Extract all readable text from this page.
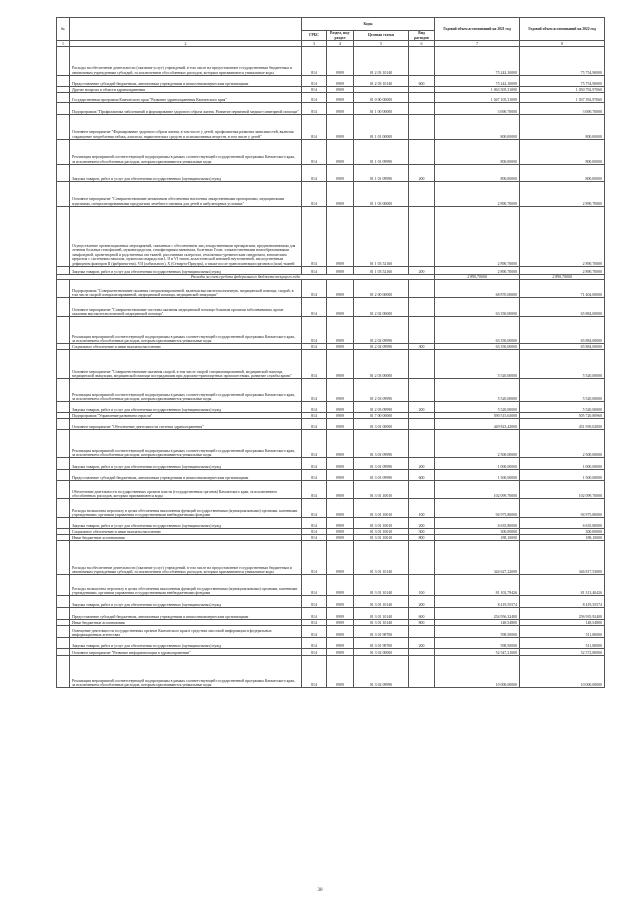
№		Коды				Годовой объем ассигнований на 2021 год	Годовой объем ассигнований на 2022 год
		ГРБС	Раздел, под-раздел	Целевая статья	Вид расходов		
1	2	3	4	5	6	7	8
	Расходы на обеспечение деятельности (оказание услуг) учреждений, в том числе на предоставление государственным бюджетным и автономным учреждениям субсидий, за исключением обособленных расходов, которым присваиваются уникальные коды	814	0909	01 2 03 10140		75 242,10000	75 754,90000
	Предоставление субсидий бюджетным, автономным учреждениям и иным некоммерческим организациям	814	0909	01 2 03 10140	600	75 242,10000	75 754,90000
	Другие вопросы в области здравоохранения	814	0909			1 063 505,31000	1 050 792,97060
	Государственная программа Камчатского края "Развитие здравоохранения Камчатского края"	814	0909	01 0 00 00000		1 047 105,31000	1 037 392,97060
	Подпрограмма "Профилактика заболеваний и формирование здорового образа жизни. Развитие первичной медико-санитарной помощи"	814	0909	01 1 00 00000		3 690,70000	3 690,70000
	Основное мероприятие "Формирование здорового образа жизни, в том числе у детей, профилактика развития зависимостей, включая сокращение потребления табака, алкоголя, наркотических средств и психоактивных веществ, в том числе у детей"	814	0909	01 1 01 00000		800,00000	800,00000
	Реализация мероприятий соответствующей подпрограммы в рамках соответствующей государственной программы Камчатского края, за исключением обособленных расходов, которым присваиваются уникальные коды	814	0909	01 1 01 09990		800,00000	800,00000
	Закупка товаров, работ и услуг для обеспечения государственных (муниципальных) нужд	814	0909	01 1 01 09990	200	800,00000	800,00000
	Основное мероприятие "Совершенствование механизмов обеспечения населения лекарственными препаратами, медицинскими изделиями, специализированными продуктами лечебного питания для детей в амбулаторных условиях"	814	0909	01 1 03 00000		2 890,70000	2 890,70000
	Осуществление организационных мероприятий, связанных с обеспечением лиц лекарственными препаратами, предназначенными для лечения больных гемофилией, муковисцидозом, гипофизарным нанизмом, болезнью Гоше, злокачественными новообразованиями лимфоидной, кроветворной и родственных им тканей, рассеянным склерозом, гемолитико-уремическим синдромом, юношеским артритом с системным началом, мукополисахаридозом I, II и VI типов, апластической анемией неуточненной, наследственным дефицитом факторов II (фибриногена), VII (лабильного), X (Стюарта-Прауэра), а также после трансплантации органов и (или) тканей	814	0909	01 1 03 52160		2 890,70000	2 890,70000
	Закупка товаров, работ и услуг для обеспечения государственных (муниципальных) нужд	814	0909	01 1 03 52160	200	2 890,70000	2 890,70000
Расходы за счет средств федерального бюджета текущего года						2 890,70000	2 890,70000
	Подпрограмма "Совершенствование оказания специализированной, включая высокотехнологичную, медицинской помощи, скорой, в том числе скорой специализированной, медицинской помощи, медицинской эвакуации"	814	0909	01 2 00 00000		68 870,00000	71 404,00000
	Основное мероприятие "Совершенствование системы оказания медицинской помощи больным прочими заболеваниями, кроме оказания высокотехнологичной медицинской помощи"	814	0909	01 2 02 00000		63 350,00000	65 884,00000
	Реализация мероприятий соответствующей подпрограммы в рамках соответствующей государственной программы Камчатского края, за исключением обособленных расходов, которым присваиваются уникальные коды	814	0909	01 2 02 09990		63 350,00000	65 884,00000
	Социальное обеспечение и иные выплаты населению	814	0909	01 2 02 09990	300	63 350,00000	65 884,00000
	Основное мероприятие "Совершенствование оказания скорой, в том числе скорой специализированной, медицинской помощи, медицинской эвакуации, медицинской помощи пострадавшим при дорожно-транспортных происшествиях, развитие службы крови"	814	0909	01 2 03 00000		5 520,00000	5 520,00000
	Реализация мероприятий соответствующей подпрограммы в рамках соответствующей государственной программы Камчатского края, за исключением обособленных расходов, которым присваиваются уникальные коды	814	0909	01 2 03 09990		5 520,00000	5 520,00000
	Закупка товаров, работ и услуг для обеспечения государственных (муниципальных) нужд	814	0909	01 2 03 09990	200	5 520,00000	5 520,00000
	Подпрограмма "Управление развитием отрасли"	814	0909	01 7 00 00000		590 515,63000	505 720,80960
	Основное мероприятие "Обеспечение деятельности системы здравоохранения"	814	0909	01 3 01 00000		449 823,42000	451 939,02000
	Реализация мероприятий соответствующей подпрограммы в рамках соответствующей государственной программы Камчатского края, за исключением обособленных расходов, которым присваиваются уникальные коды	814	0909	01 3 01 09990		2 500,00000	2 500,00000
	Закупка товаров, работ и услуг для обеспечения государственных (муниципальных) нужд	814	0909	01 3 01 09990	200	1 000,00000	1 000,00000
	Предоставление субсидий бюджетным, автономным учреждениям и иным некоммерческим организациям	814	0909	01 3 01 09990	600	1 500,00000	1 500,00000
	Обеспечение деятельности государственных органов власти (государственных органов) Камчатского края, за исключением обособленных расходов, которым присваиваются коды	814	0909	01 3 01 10010		102 099,70000	102 099,70000
	Расходы на выплаты персоналу в целях обеспечения выполнения функций государственными (муниципальными) органами, казенными учреждениями, органами управления государственными внебюджетными фондами	814	0909	01 3 01 10010	100	94 975,80000	94 975,80000
	Закупка товаров, работ и услуг для обеспечения государственных (муниципальных) нужд	814	0909	01 3 01 10010	200	6 635,80000	6 635,80000
	Социальное обеспечение и иные выплаты населению	814	0909	01 3 01 10010	300	300,00000	300,00000
	Иные бюджетные ассигнования	814	0909	01 3 01 10010	800	188,10000	188,10000
	Расходы на обеспечение деятельности (оказание услуг) учреждений, в том числе на предоставление государственным бюджетным и автономным учреждениям субсидий, за исключением обособленных расходов, которым присваиваются уникальные коды	814	0909	01 3 01 10140		344 627,22000	346 817,53000
	Расходы на выплаты персоналу в целях обеспечения выполнения функций государственными (муниципальными) органами, казенными учреждениями, органами управления государственными внебюджетными фондами	814	0909	01 3 01 10140	100	81 102,79426	81 313,40426
	Закупка товаров, работ и услуг для обеспечения государственных (муниципальных) нужд	814	0909	01 3 01 10140	200	8 419,55574	8 419,55574
	Предоставление субсидий бюджетным, автономным учреждениям и иным некоммерческим организациям	814	0909	01 3 01 10140	600	254 956,32400	256 935,92400
	Иные бюджетные ассигнования	814	0909	01 3 01 10140	800	148,54800	148,54800
	Освещение деятельности государственных органов Камчатского края в средствах массовой информации и федеральных информационных агентствах	814	0909	01 3 01 98700		598,50000	511,80000
	Закупка товаров, работ и услуг для обеспечения государственных (муниципальных) нужд	814	0909	01 3 01 98700	200	598,50000	511,80000
	Основное мероприятие "Развитие информатизации в здравоохранении"	814	0909	01 3 02 00000		52 547,21000	52 572,80000
	Реализация мероприятий соответствующей подпрограммы в рамках соответствующей государственной программы Камчатского края, за исключением обособленных расходов, которым присваиваются уникальные коды	814	0909	01 3 02 09990		10 000,00000	10 000,00000
30
